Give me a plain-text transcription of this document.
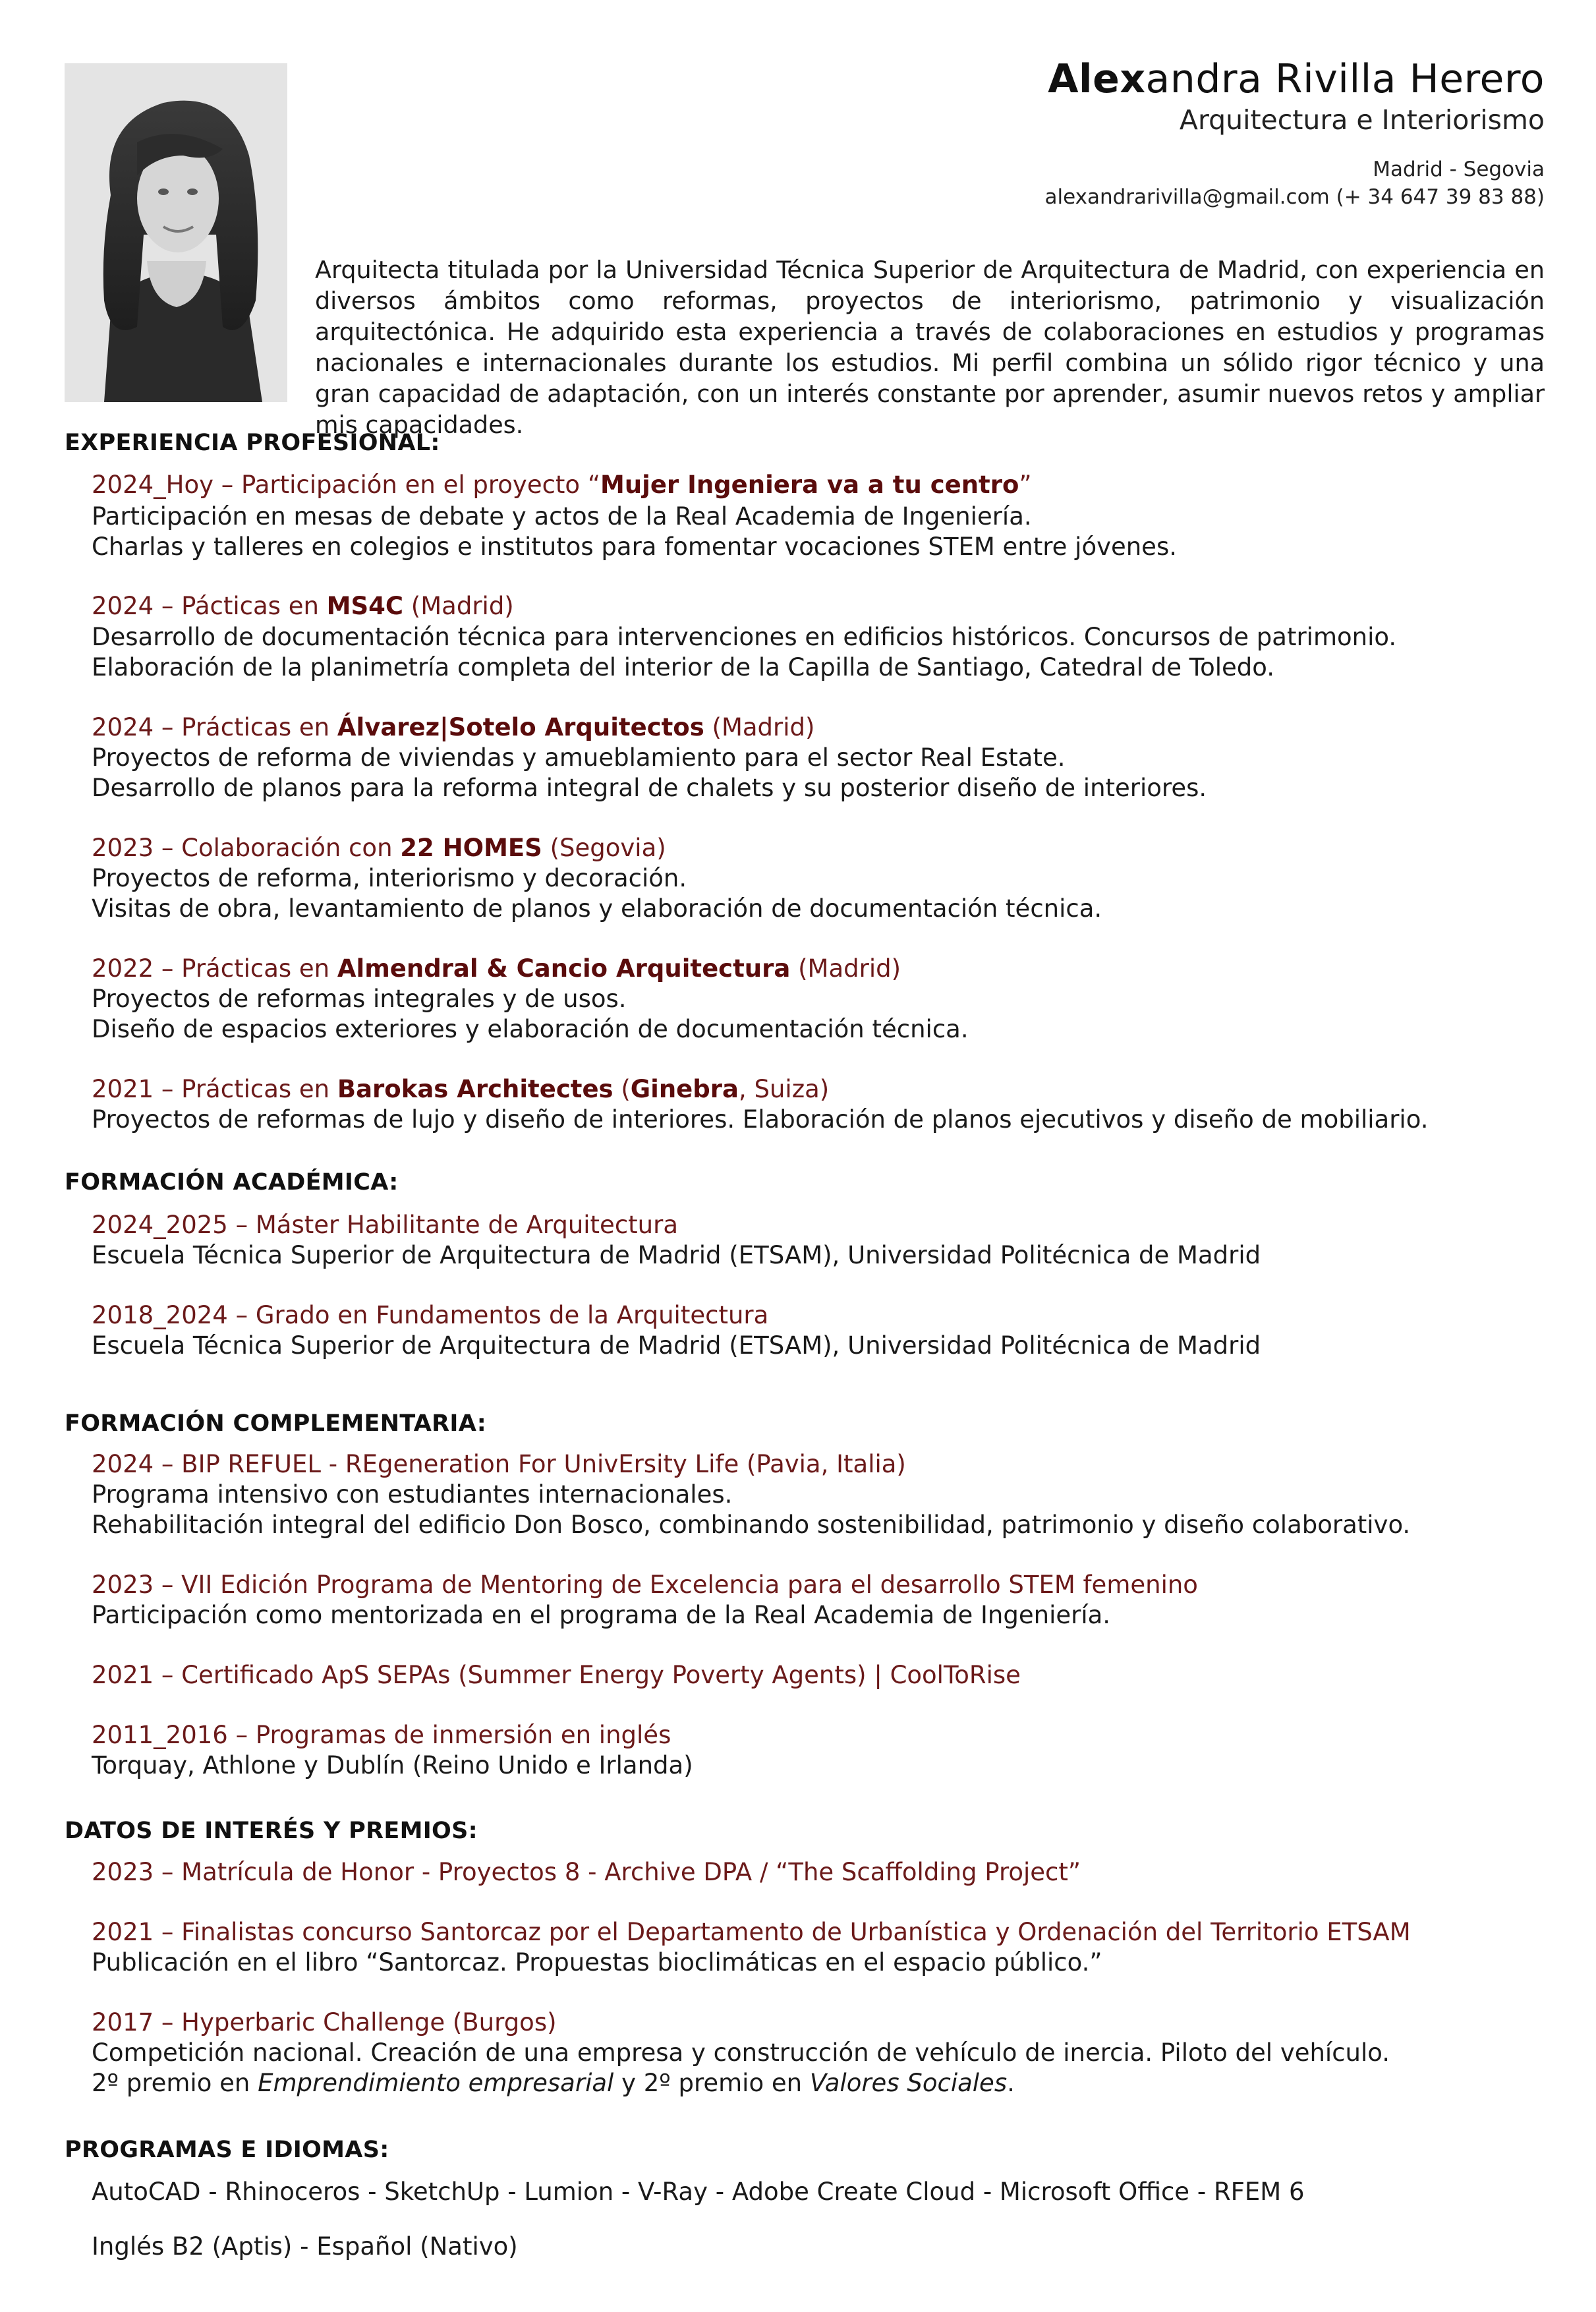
Alexandra Rivilla Herero
Arquitectura e Interiorismo
Madrid - Segovia
alexandrarivilla@gmail.com (+ 34 647 39 83 88)
Arquitecta titulada por la Universidad Técnica Superior de Arquitectura de Madrid, con experiencia en diversos ámbitos como reformas, proyectos de interiorismo, patrimonio y visualización arquitectónica. He adquirido esta experiencia a través de colaboraciones en estudios y programas nacionales e internacionales durante los estudios. Mi perfil combina un sólido rigor técnico y una gran capacidad de adaptación, con un interés constante por aprender, asumir nuevos retos y ampliar mis capacidades.
EXPERIENCIA PROFESIONAL:
FORMACIÓN ACADÉMICA:
FORMACIÓN COMPLEMENTARIA:
DATOS DE INTERÉS Y PREMIOS:
PROGRAMAS E IDIOMAS:
2024_Hoy – Participación en el proyecto “Mujer Ingeniera va a tu centro”
Participación en mesas de debate y actos de la Real Academia de Ingeniería.
Charlas y talleres en colegios e institutos para fomentar vocaciones STEM entre jóvenes.
2024 – Pácticas en MS4C (Madrid)
Desarrollo de documentación técnica para intervenciones en edificios históricos. Concursos de patrimonio.
Elaboración de la planimetría completa del interior de la Capilla de Santiago, Catedral de Toledo.
2024 – Prácticas en Álvarez|Sotelo Arquitectos (Madrid)
Proyectos de reforma de viviendas y amueblamiento para el sector Real Estate.
Desarrollo de planos para la reforma integral de chalets y su posterior diseño de interiores.
2023 – Colaboración con 22 HOMES (Segovia)
Proyectos de reforma, interiorismo y decoración.
Visitas de obra, levantamiento de planos y elaboración de documentación técnica.
2022 – Prácticas en Almendral & Cancio Arquitectura (Madrid)
Proyectos de reformas integrales y de usos.
Diseño de espacios exteriores y elaboración de documentación técnica.
2021 – Prácticas en Barokas Architectes (Ginebra, Suiza)
Proyectos de reformas de lujo y diseño de interiores. Elaboración de planos ejecutivos y diseño de mobiliario.
2024_2025 – Máster Habilitante de Arquitectura
Escuela Técnica Superior de Arquitectura de Madrid (ETSAM), Universidad Politécnica de Madrid
2018_2024 – Grado en Fundamentos de la Arquitectura
Escuela Técnica Superior de Arquitectura de Madrid (ETSAM), Universidad Politécnica de Madrid
2024 – BIP REFUEL - REgeneration For UnivErsity Life (Pavia, Italia)
Programa intensivo con estudiantes internacionales.
Rehabilitación integral del edificio Don Bosco, combinando sostenibilidad, patrimonio y diseño colaborativo.
2023 – VII Edición Programa de Mentoring de Excelencia para el desarrollo STEM femenino
Participación como mentorizada en el programa de la Real Academia de Ingeniería.
2021 – Certificado ApS SEPAs (Summer Energy Poverty Agents) | CoolToRise
2011_2016 – Programas de inmersión en inglés
Torquay, Athlone y Dublín (Reino Unido e Irlanda)
2023 – Matrícula de Honor - Proyectos 8 - Archive DPA / “The Scaffolding Project”
2021 – Finalistas concurso Santorcaz por el Departamento de Urbanística y Ordenación del Territorio ETSAM
Publicación en el libro “Santorcaz. Propuestas bioclimáticas en el espacio público.”
2017 – Hyperbaric Challenge (Burgos)
Competición nacional. Creación de una empresa y construcción de vehículo de inercia. Piloto del vehículo.
2º premio en Emprendimiento empresarial y 2º premio en Valores Sociales.
AutoCAD - Rhinoceros - SketchUp - Lumion - V-Ray - Adobe Create Cloud - Microsoft Office - RFEM 6
Inglés B2 (Aptis) - Español (Nativo)
